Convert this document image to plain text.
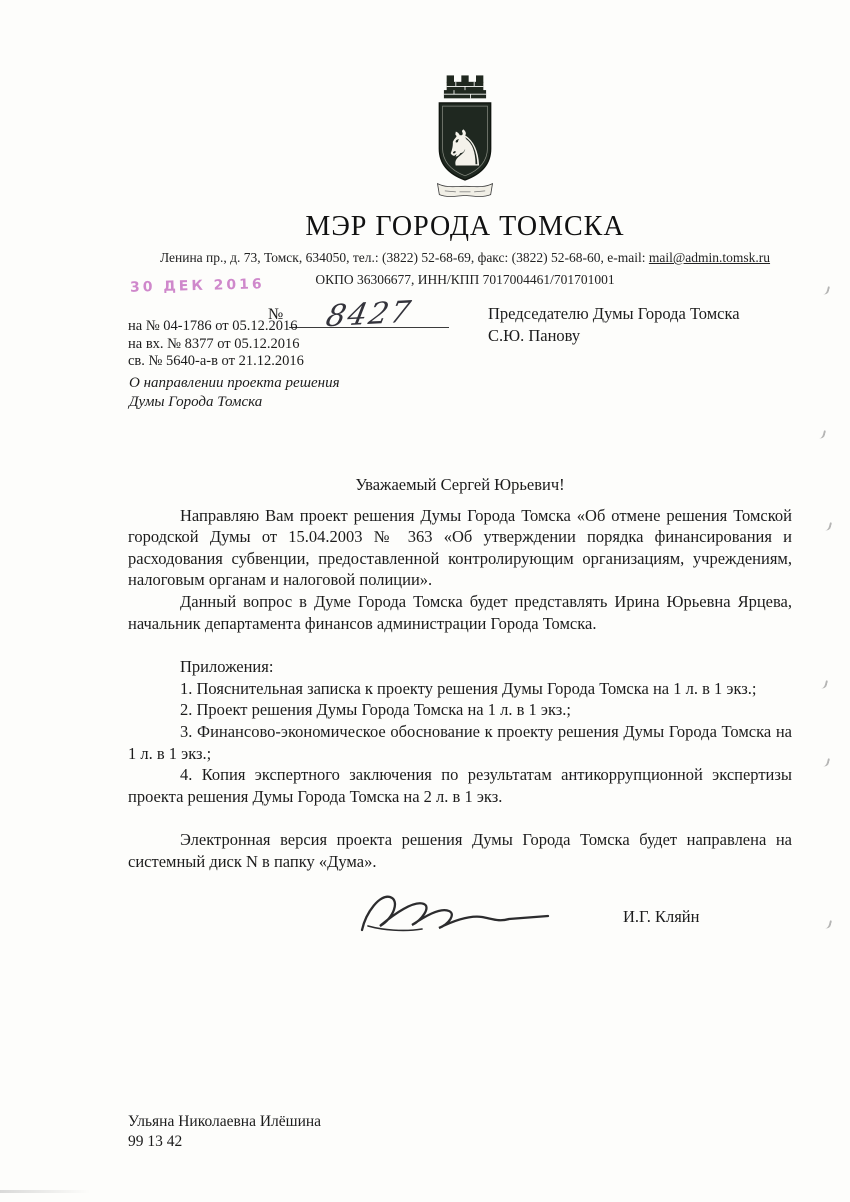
♞
МЭР ГОРОДА ТОМСКА
Ленина пр., д. 73, Томск, 634050, тел.: (3822) 52-68-69, факс: (3822) 52-68-60, e-mail: mail@admin.tomsk.ru
ОКПО 36306677, ИНН/КПП 7017004461/701701001
30 ДЕК 2016
№ 8427
на № 04-1786 от 05.12.2016
на вх. № 8377 от 05.12.2016
св. № 5640-а-в от 21.12.2016
Председателю Думы Города Томска
С.Ю. Панову
О направлении проекта решения
Думы Города Томска

Уважаемый Сергей Юрьевич!

Направляю Вам проект решения Думы Города Томска «Об отмене решения Томской городской Думы от 15.04.2003 № 363 «Об утверждении порядка финансирования и расходования субвенции, предоставленной контролирующим организациям, учреждениям, налоговым органам и налоговой полиции».

Данный вопрос в Думе Города Томска будет представлять Ирина Юрьевна Ярцева, начальник департамента финансов администрации Города Томска.

Приложения:

1. Пояснительная записка к проекту решения Думы Города Томска на 1 л. в 1 экз.;

2. Проект решения Думы Города Томска на 1 л. в 1 экз.;

3. Финансово-экономическое обоснование к проекту решения Думы Города Томска на 1 л. в 1 экз.;

4. Копия экспертного заключения по результатам антикоррупционной экспертизы проекта решения Думы Города Томска на 2 л. в 1 экз.

Электронная версия проекта решения Думы Города Томска будет направлена на системный диск N в папку «Дума».

И.Г. Кляйн
Ульяна Николаевна Илёшина
99 13 42
